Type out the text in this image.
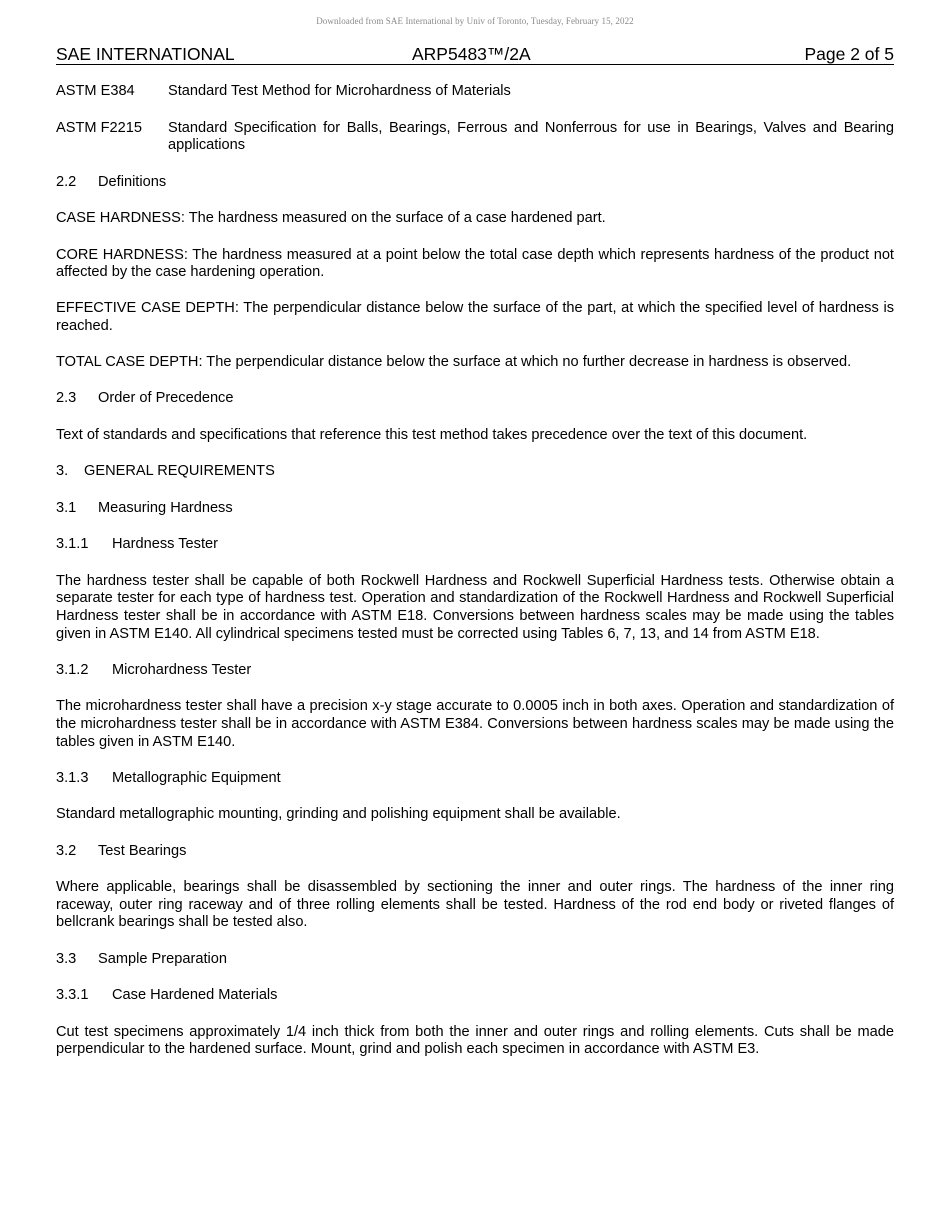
Downloaded from SAE International by Univ of Toronto, Tuesday, February 15, 2022
SAE INTERNATIONAL	ARP5483™/2A	Page 2 of 5
ASTM E384	Standard Test Method for Microhardness of Materials
ASTM F2215	Standard Specification for Balls, Bearings, Ferrous and Nonferrous for use in Bearings, Valves and Bearing applications
2.2 Definitions

CASE HARDNESS: The hardness measured on the surface of a case hardened part.

CORE HARDNESS: The hardness measured at a point below the total case depth which represents hardness of the product not affected by the case hardening operation.

EFFECTIVE CASE DEPTH: The perpendicular distance below the surface of the part, at which the specified level of hardness is reached.

TOTAL CASE DEPTH: The perpendicular distance below the surface at which no further decrease in hardness is observed.

2.3 Order of Precedence

Text of standards and specifications that reference this test method takes precedence over the text of this document.

3. GENERAL REQUIREMENTS
3.1 Measuring Hardness
3.1.1 Hardness Tester

The hardness tester shall be capable of both Rockwell Hardness and Rockwell Superficial Hardness tests. Otherwise obtain a separate tester for each type of hardness test. Operation and standardization of the Rockwell Hardness and Rockwell Superficial Hardness tester shall be in accordance with ASTM E18. Conversions between hardness scales may be made using the tables given in ASTM E140. All cylindrical specimens tested must be corrected using Tables 6, 7, 13, and 14 from ASTM E18.

3.1.2 Microhardness Tester

The microhardness tester shall have a precision x-y stage accurate to 0.0005 inch in both axes. Operation and standardization of the microhardness tester shall be in accordance with ASTM E384. Conversions between hardness scales may be made using the tables given in ASTM E140.

3.1.3 Metallographic Equipment

Standard metallographic mounting, grinding and polishing equipment shall be available.

3.2 Test Bearings

Where applicable, bearings shall be disassembled by sectioning the inner and outer rings. The hardness of the inner ring raceway, outer ring raceway and of three rolling elements shall be tested. Hardness of the rod end body or riveted flanges of bellcrank bearings shall be tested also.

3.3 Sample Preparation
3.3.1 Case Hardened Materials

Cut test specimens approximately 1/4 inch thick from both the inner and outer rings and rolling elements. Cuts shall be made perpendicular to the hardened surface. Mount, grind and polish each specimen in accordance with ASTM E3.
